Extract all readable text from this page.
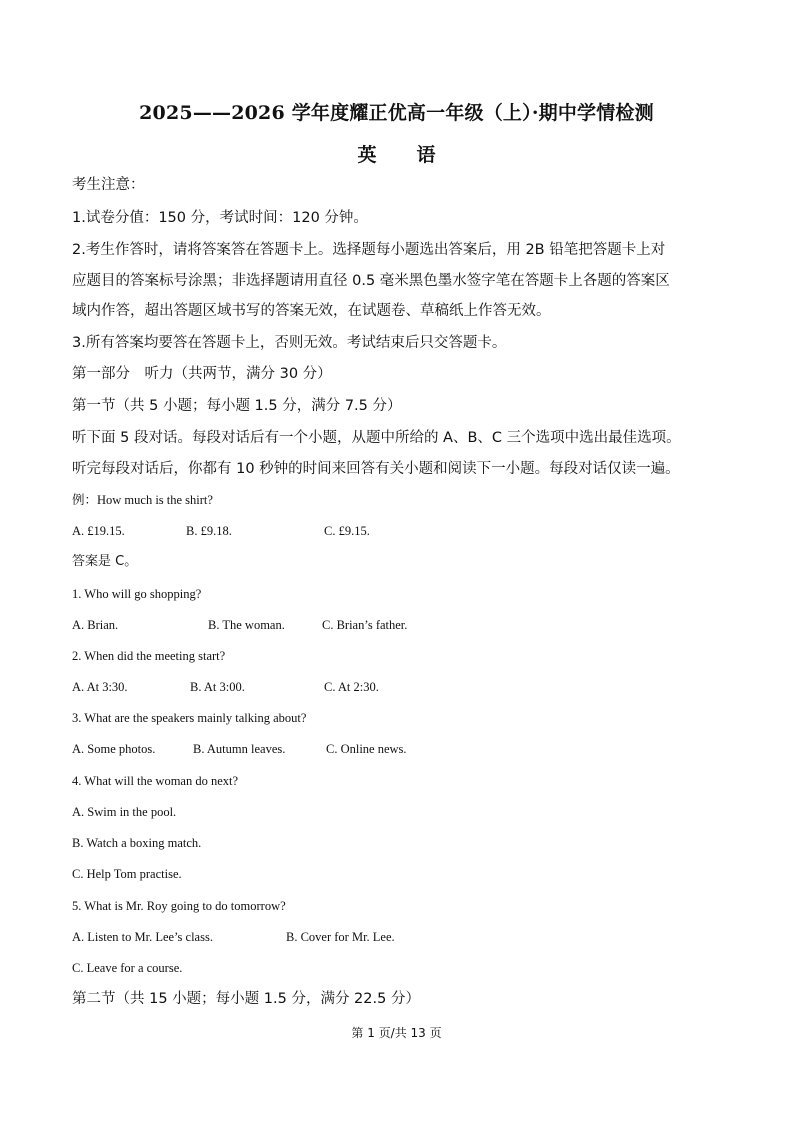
2025——2026 学年度耀正优高一年级（上）·期中学情检测
英语
考生注意：
1.试卷分值：150 分，考试时间：120 分钟。
2.考生作答时，请将答案答在答题卡上。选择题每小题选出答案后，用 2B 铅笔把答题卡上对
应题目的答案标号涂黑；非选择题请用直径 0.5 毫米黑色墨水签字笔在答题卡上各题的答案区
域内作答，超出答题区域书写的答案无效，在试题卷、草稿纸上作答无效。
3.所有答案均要答在答题卡上，否则无效。考试结束后只交答题卡。
第一部分　听力（共两节，满分 30 分）
第一节（共 5 小题；每小题 1.5 分，满分 7.5 分）
听下面 5 段对话。每段对话后有一个小题，从题中所给的 A、B、C 三个选项中选出最佳选项。
听完每段对话后，你都有 10 秒钟的时间来回答有关小题和阅读下一小题。每段对话仅读一遍。
例：How much is the shirt?
A. £19.15.	B. £9.18.	C. £9.15.
答案是 C。
1. Who will go shopping?
A. Brian.	B. The woman.	C. Brian’s father.
2. When did the meeting start?
A. At 3:30.	B. At 3:00.	C. At 2:30.
3. What are the speakers mainly talking about?
A. Some photos.	B. Autumn leaves.	C. Online news.
4. What will the woman do next?
A. Swim in the pool.
B. Watch a boxing match.
C. Help Tom practise.
5. What is Mr. Roy going to do tomorrow?
A. Listen to Mr. Lee’s class.	B. Cover for Mr. Lee.
C. Leave for a course.
第二节（共 15 小题；每小题 1.5 分，满分 22.5 分）
第 1 页/共 13 页
